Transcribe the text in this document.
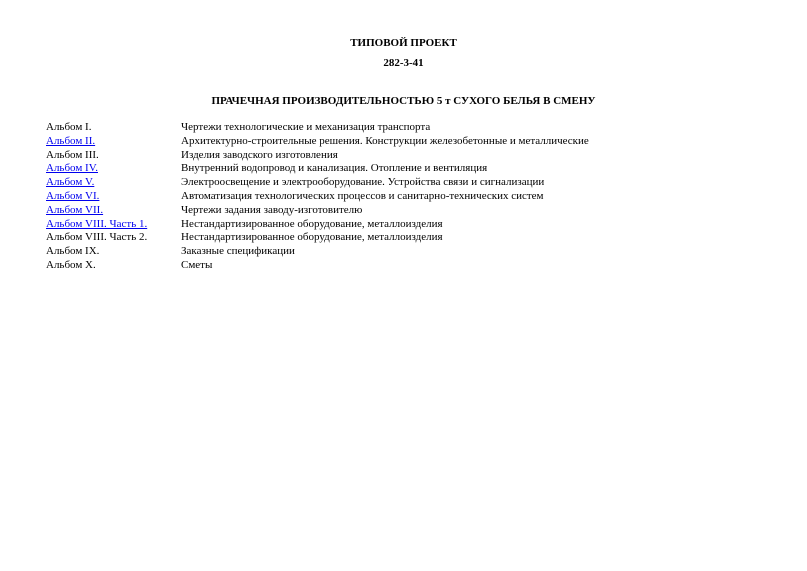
ТИПОВОЙ ПРОЕКТ
282-3-41
ПРАЧЕЧНАЯ ПРОИЗВОДИТЕЛЬНОСТЬЮ 5 т СУХОГО БЕЛЬЯ В СМЕНУ
Альбом I.	Чертежи технологические и механизация транспорта
Альбом II.	Архитектурно-строительные решения. Конструкции железобетонные и металлические
Альбом III.	Изделия заводского изготовления
Альбом IV.	Внутренний водопровод и канализация. Отопление и вентиляция
Альбом V.	Электроосвещение и электрооборудование. Устройства связи и сигнализации
Альбом VI.	Автоматизация технологических процессов и санитарно-технических систем
Альбом VII.	Чертежи задания заводу-изготовителю
Альбом VIII. Часть 1.	Нестандартизированное оборудование, металлоизделия
Альбом VIII. Часть 2.	Нестандартизированное оборудование, металлоизделия
Альбом IX.	Заказные спецификации
Альбом X.	Сметы
